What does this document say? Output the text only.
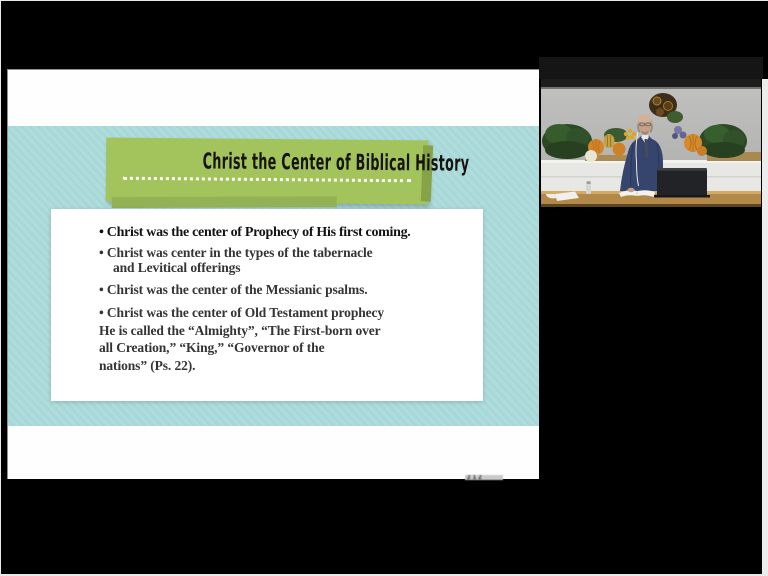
Christ the Center of Biblical History
• Christ was the center of Prophecy of His first coming.
• Christ was center in the types of the tabernacle
and Levitical offerings
• Christ was the center of the Messianic psalms.
• Christ was the center of Old Testament prophecy
He is called the “Almighty”, “The First-born over
all Creation,” “King,” “Governor of the
nations” (Ps. 22).
212
